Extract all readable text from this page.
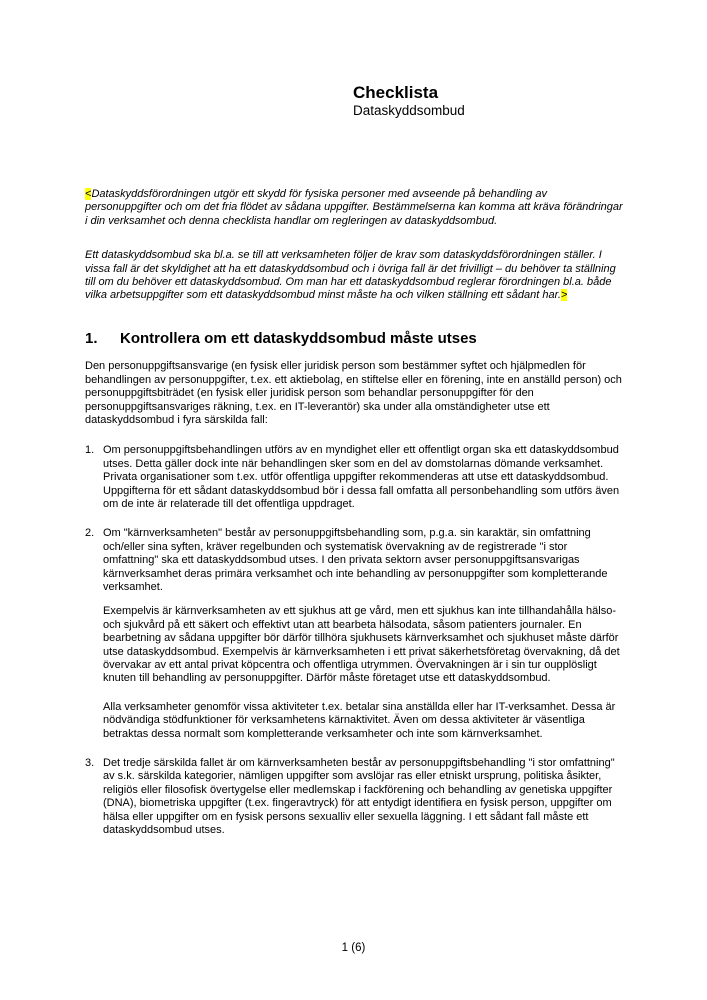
Checklista
Dataskyddsombud

<Dataskyddsförordningen utgör ett skydd för fysiska personer med avseende på behandling av personuppgifter och om det fria flödet av sådana uppgifter. Bestämmelserna kan komma att kräva förändringar i din verksamhet och denna checklista handlar om regleringen av dataskyddsombud.

Ett dataskyddsombud ska bl.a. se till att verksamheten följer de krav som dataskyddsförordningen ställer. I vissa fall är det skyldighet att ha ett dataskyddsombud och i övriga fall är det frivilligt – du behöver ta ställning till om du behöver ett dataskyddsombud. Om man har ett dataskyddsombud reglerar förordningen bl.a. både vilka arbetsuppgifter som ett dataskyddsombud minst måste ha och vilken ställning ett sådant har.>

1.	Kontrollera om ett dataskyddsombud måste utses

Den personuppgiftsansvarige (en fysisk eller juridisk person som bestämmer syftet och hjälpmedlen för behandlingen av personuppgifter, t.ex. ett aktiebolag, en stiftelse eller en förening, inte en anställd person) och personuppgiftsbiträdet (en fysisk eller juridisk person som behandlar personuppgifter för den personuppgiftsansvariges räkning, t.ex. en IT-leverantör) ska under alla omständigheter utse ett dataskyddsombud i fyra särskilda fall:

1. Om personuppgiftsbehandlingen utförs av en myndighet eller ett offentligt organ ska ett dataskyddsombud utses. Detta gäller dock inte när behandlingen sker som en del av domstolarnas dömande verksamhet. Privata organisationer som t.ex. utför offentliga uppgifter rekommenderas att utse ett dataskyddsombud. Uppgifterna för ett sådant dataskyddsombud bör i dessa fall omfatta all personbehandling som utförs även om de inte är relaterade till det offentliga uppdraget.
2. Om "kärnverksamheten" består av personuppgiftsbehandling som, p.g.a. sin karaktär, sin omfattning och/eller sina syften, kräver regelbunden och systematisk övervakning av de registrerade "i stor omfattning" ska ett dataskyddsombud utses. I den privata sektorn avser personuppgiftsansvarigas kärnverksamhet deras primära verksamhet och inte behandling av personuppgifter som kompletterande verksamhet.

Exempelvis är kärnverksamheten av ett sjukhus att ge vård, men ett sjukhus kan inte tillhandahålla hälso- och sjukvård på ett säkert och effektivt utan att bearbeta hälsodata, såsom patienters journaler. En bearbetning av sådana uppgifter bör därför tillhöra sjukhusets kärnverksamhet och sjukhuset måste därför utse dataskyddsombud. Exempelvis är kärnverksamheten i ett privat säkerhetsföretag övervakning, då det övervakar av ett antal privat köpcentra och offentliga utrymmen. Övervakningen är i sin tur oupplösligt knuten till behandling av personuppgifter. Därför måste företaget utse ett dataskyddsombud.

Alla verksamheter genomför vissa aktiviteter t.ex. betalar sina anställda eller har IT-verksamhet. Dessa är nödvändiga stödfunktioner för verksamhetens kärnaktivitet. Även om dessa aktiviteter är väsentliga betraktas dessa normalt som kompletterande verksamheter och inte som kärnverksamhet.

3. Det tredje särskilda fallet är om kärnverksamheten består av personuppgiftsbehandling "i stor omfattning" av s.k. särskilda kategorier, nämligen uppgifter som avslöjar ras eller etniskt ursprung, politiska åsikter, religiös eller filosofisk övertygelse eller medlemskap i fackförening och behandling av genetiska uppgifter (DNA), biometriska uppgifter (t.ex. fingeravtryck) för att entydigt identifiera en fysisk person, uppgifter om hälsa eller uppgifter om en fysisk persons sexualliv eller sexuella läggning. I ett sådant fall måste ett dataskyddsombud utses.
1 (6)
